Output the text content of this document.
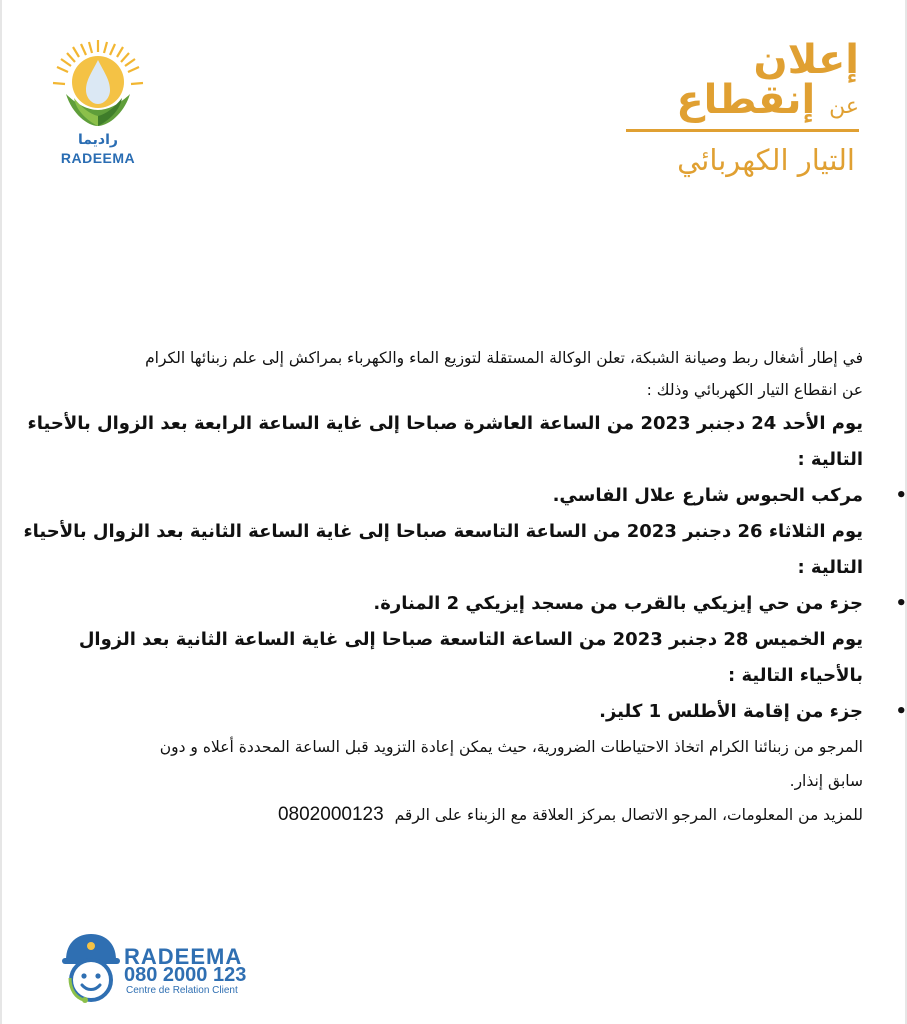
راديما
RADEEMA
إعلان
عن إنقطاع
التيار الكهربائي
في إطار أشغال ربط وصيانة الشبكة، تعلن الوكالة المستقلة لتوزيع الماء والكهرباء بمراكش إلى علم زبنائها الكرام
عن انقطاع التيار الكهربائي وذلك :
يوم الأحد 24 دجنبر 2023 من الساعة العاشرة صباحا إلى غاية الساعة الرابعة بعد الزوال بالأحياء
التالية :
مركب الحبوس شارع علال الفاسي. •
يوم الثلاثاء 26 دجنبر 2023 من الساعة التاسعة صباحا إلى غاية الساعة الثانية بعد الزوال بالأحياء
التالية :
جزء من حي إيزيكي بالقرب من مسجد إيزيكي 2 المنارة. •
يوم الخميس 28 دجنبر 2023 من الساعة التاسعة صباحا إلى غاية الساعة الثانية بعد الزوال
بالأحياء التالية :
جزء من إقامة الأطلس 1 كليز. •
المرجو من زبنائنا الكرام اتخاذ الاحتياطات الضرورية، حيث يمكن إعادة التزويد قبل الساعة المحددة أعلاه و دون
سابق إنذار.
للمزيد من المعلومات، المرجو الاتصال بمركز العلاقة مع الزبناء على الرقم 0802000123
RADEEMA
080 2000 123
Centre de Relation Client
